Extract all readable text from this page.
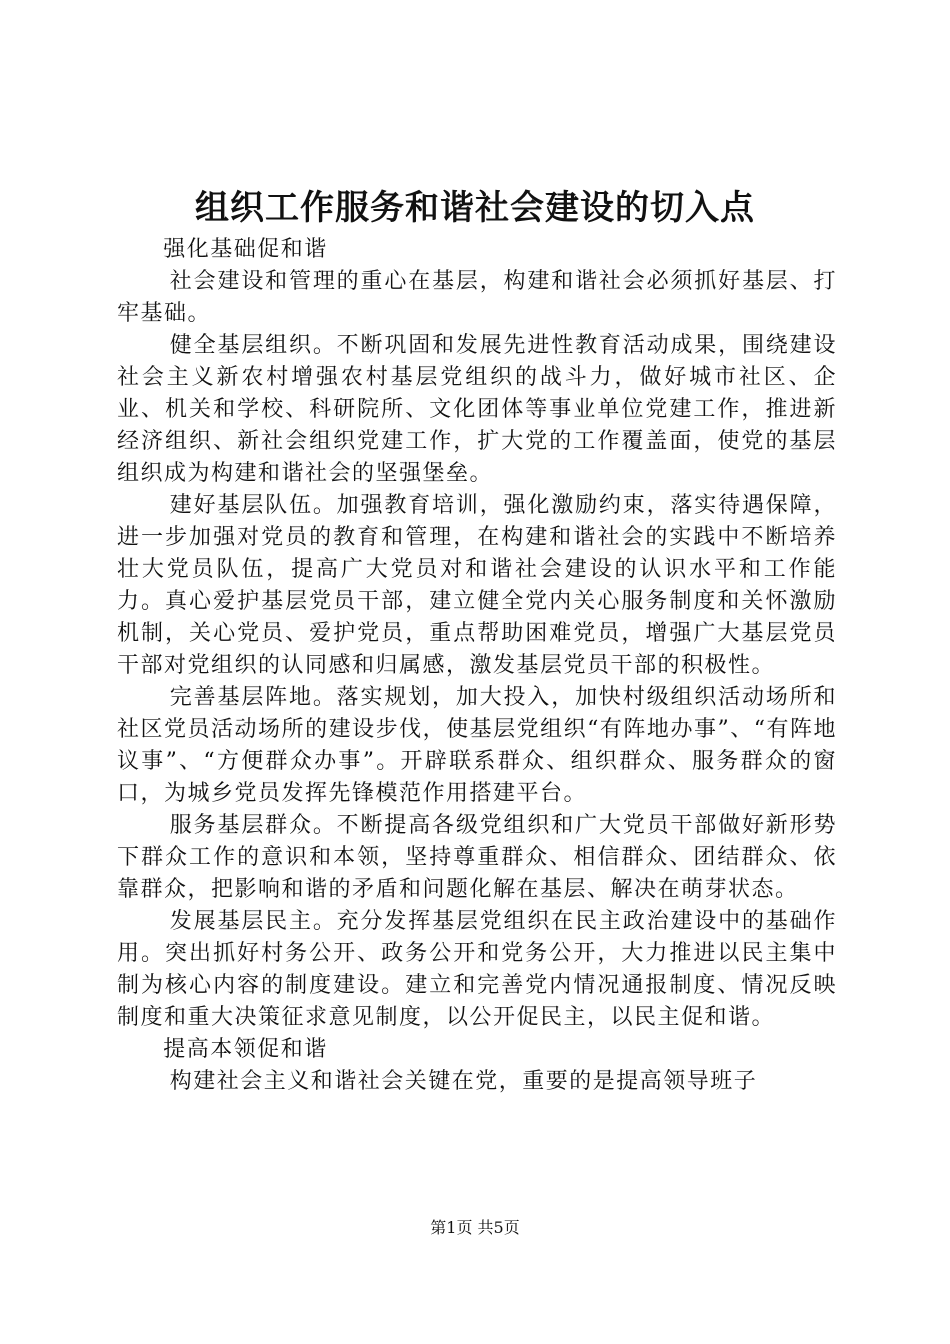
组织工作服务和谐社会建设的切入点

强化基础促和谐

社会建设和管理的重心在基层，构建和谐社会必须抓好基层、打牢基础。

健全基层组织。不断巩固和发展先进性教育活动成果，围绕建设社会主义新农村增强农村基层党组织的战斗力，做好城市社区、企业、机关和学校、科研院所、文化团体等事业单位党建工作，推进新经济组织、新社会组织党建工作，扩大党的工作覆盖面，使党的基层组织成为构建和谐社会的坚强堡垒。

建好基层队伍。加强教育培训，强化激励约束，落实待遇保障，进一步加强对党员的教育和管理，在构建和谐社会的实践中不断培养壮大党员队伍，提高广大党员对和谐社会建设的认识水平和工作能力。真心爱护基层党员干部，建立健全党内关心服务制度和关怀激励机制，关心党员、爱护党员，重点帮助困难党员，增强广大基层党员干部对党组织的认同感和归属感，激发基层党员干部的积极性。

完善基层阵地。落实规划，加大投入，加快村级组织活动场所和社区党员活动场所的建设步伐，使基层党组织“有阵地办事”、“有阵地议事”、“方便群众办事”。开辟联系群众、组织群众、服务群众的窗口，为城乡党员发挥先锋模范作用搭建平台。

服务基层群众。不断提高各级党组织和广大党员干部做好新形势下群众工作的意识和本领，坚持尊重群众、相信群众、团结群众、依靠群众，把影响和谐的矛盾和问题化解在基层、解决在萌芽状态。

发展基层民主。充分发挥基层党组织在民主政治建设中的基础作用。突出抓好村务公开、政务公开和党务公开，大力推进以民主集中制为核心内容的制度建设。建立和完善党内情况通报制度、情况反映制度和重大决策征求意见制度，以公开促民主，以民主促和谐。

提高本领促和谐

构建社会主义和谐社会关键在党，重要的是提高领导班子

第1页 共5页
